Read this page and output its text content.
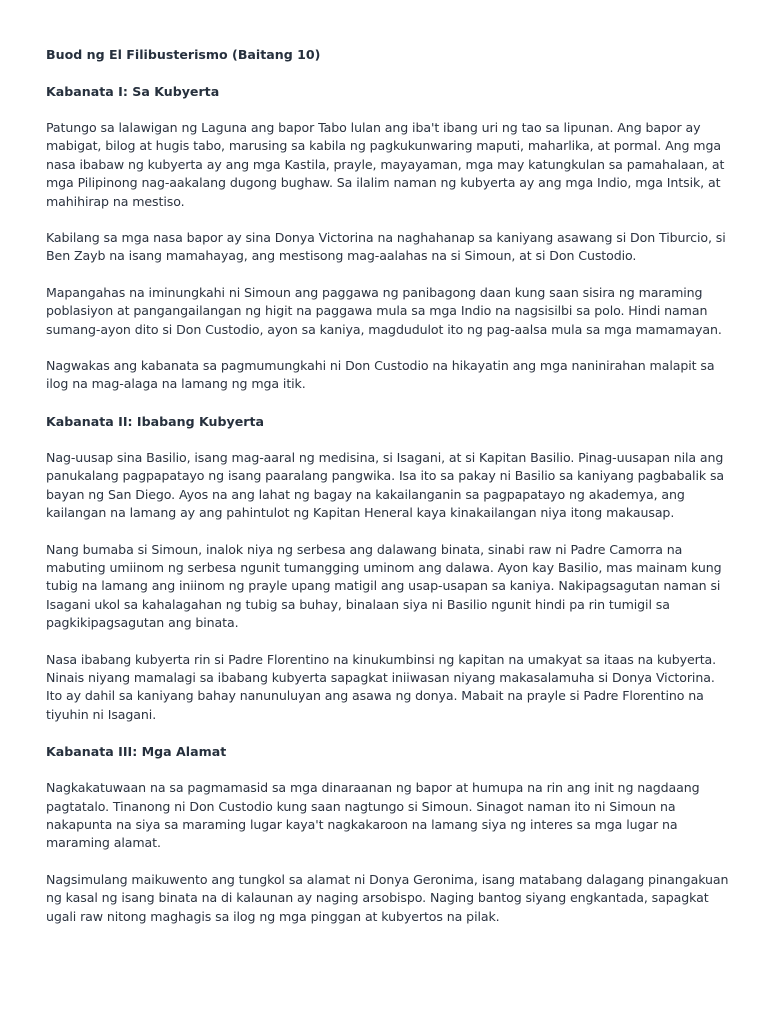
Buod ng El Filibusterismo (Baitang 10)
Kabanata I: Sa Kubyerta

Patungo sa lalawigan ng Laguna ang bapor Tabo lulan ang iba't ibang uri ng tao sa lipunan. Ang bapor ay mabigat, bilog at hugis tabo, marusing sa kabila ng pagkukunwaring maputi, maharlika, at pormal. Ang mga nasa ibabaw ng kubyerta ay ang mga Kastila, prayle, mayayaman, mga may katungkulan sa pamahalaan, at mga Pilipinong nag-aakalang dugong bughaw. Sa ilalim naman ng kubyerta ay ang mga Indio, mga Intsik, at mahihirap na mestiso.

Kabilang sa mga nasa bapor ay sina Donya Victorina na naghahanap sa kaniyang asawang si Don Tiburcio, si Ben Zayb na isang mamahayag, ang mestisong mag-aalahas na si Simoun, at si Don Custodio.

Mapangahas na iminungkahi ni Simoun ang paggawa ng panibagong daan kung saan sisira ng maraming poblasiyon at pangangailangan ng higit na paggawa mula sa mga Indio na nagsisilbi sa polo. Hindi naman sumang-ayon dito si Don Custodio, ayon sa kaniya, magdudulot ito ng pag-aalsa mula sa mga mamamayan.

Nagwakas ang kabanata sa pagmumungkahi ni Don Custodio na hikayatin ang mga naninirahan malapit sa ilog na mag-alaga na lamang ng mga itik.

Kabanata II: Ibabang Kubyerta

Nag-uusap sina Basilio, isang mag-aaral ng medisina, si Isagani, at si Kapitan Basilio. Pinag-uusapan nila ang panukalang pagpapatayo ng isang paaralang pangwika. Isa ito sa pakay ni Basilio sa kaniyang pagbabalik sa bayan ng San Diego. Ayos na ang lahat ng bagay na kakailanganin sa pagpapatayo ng akademya, ang kailangan na lamang ay ang pahintulot ng Kapitan Heneral kaya kinakailangan niya itong makausap.

Nang bumaba si Simoun, inalok niya ng serbesa ang dalawang binata, sinabi raw ni Padre Camorra na mabuting umiinom ng serbesa ngunit tumangging uminom ang dalawa. Ayon kay Basilio, mas mainam kung tubig na lamang ang iniinom ng prayle upang matigil ang usap-usapan sa kaniya. Nakipagsagutan naman si Isagani ukol sa kahalagahan ng tubig sa buhay, binalaan siya ni Basilio ngunit hindi pa rin tumigil sa pagkikipagsagutan ang binata.

Nasa ibabang kubyerta rin si Padre Florentino na kinukumbinsi ng kapitan na umakyat sa itaas na kubyerta. Ninais niyang mamalagi sa ibabang kubyerta sapagkat iniiwasan niyang makasalamuha si Donya Victorina. Ito ay dahil sa kaniyang bahay nanunuluyan ang asawa ng donya. Mabait na prayle si Padre Florentino na tiyuhin ni Isagani.

Kabanata III: Mga Alamat

Nagkakatuwaan na sa pagmamasid sa mga dinaraanan ng bapor at humupa na rin ang init ng nagdaang pagtatalo. Tinanong ni Don Custodio kung saan nagtungo si Simoun. Sinagot naman ito ni Simoun na nakapunta na siya sa maraming lugar kaya't nagkakaroon na lamang siya ng interes sa mga lugar na maraming alamat.

Nagsimulang maikuwento ang tungkol sa alamat ni Donya Geronima, isang matabang dalagang pinangakuan ng kasal ng isang binata na di kalaunan ay naging arsobispo. Naging bantog siyang engkantada, sapagkat ugali raw nitong maghagis sa ilog ng mga pinggan at kubyertos na pilak.
